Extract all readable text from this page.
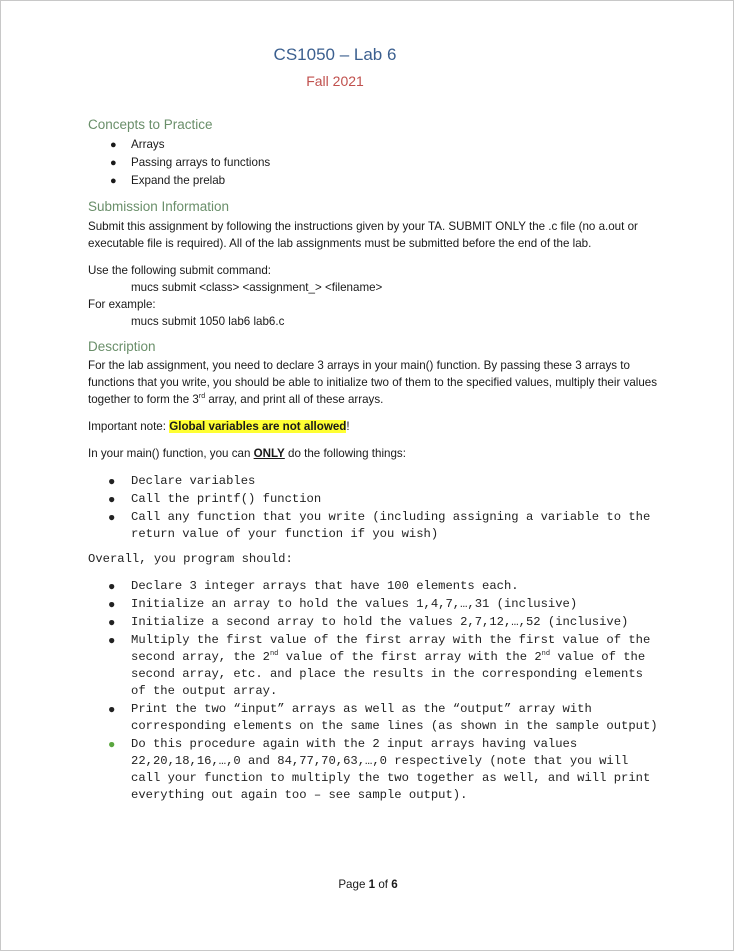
CS1050 – Lab 6

Fall 2021

Concepts to Practice

● Arrays
● Passing arrays to functions
● Expand the prelab

Submission Information

Submit this assignment by following the instructions given by your TA. SUBMIT ONLY the .c file (no a.out or executable file is required). All of the lab assignments must be submitted before the end of the lab.

Use the following submit command:

mucs submit <class> <assignment_> <filename>

For example:

mucs submit 1050 lab6 lab6.c

Description

For the lab assignment, you need to declare 3 arrays in your main() function. By passing these 3 arrays to functions that you write, you should be able to initialize two of them to the specified values, multiply their values together to form the 3rd array, and print all of these arrays.

Important note: Global variables are not allowed!

In your main() function, you can ONLY do the following things:

● Declare variables
● Call the printf() function
● Call any function that you write (including assigning a variable to the return value of your function if you wish)

Overall, you program should:

● Declare 3 integer arrays that have 100 elements each.
● Initialize an array to hold the values 1,4,7,…,31 (inclusive)
● Initialize a second array to hold the values 2,7,12,…,52 (inclusive)
● Multiply the first value of the first array with the first value of the second array, the 2nd value of the first array with the 2nd value of the second array, etc. and place the results in the corresponding elements of the output array.
● Print the two “input” arrays as well as the “output” array with corresponding elements on the same lines (as shown in the sample output)
● Do this procedure again with the 2 input arrays having values 22,20,18,16,…,0 and 84,77,70,63,…,0 respectively (note that you will call your function to multiply the two together as well, and will print everything out again too – see sample output).
Page 1 of 6
